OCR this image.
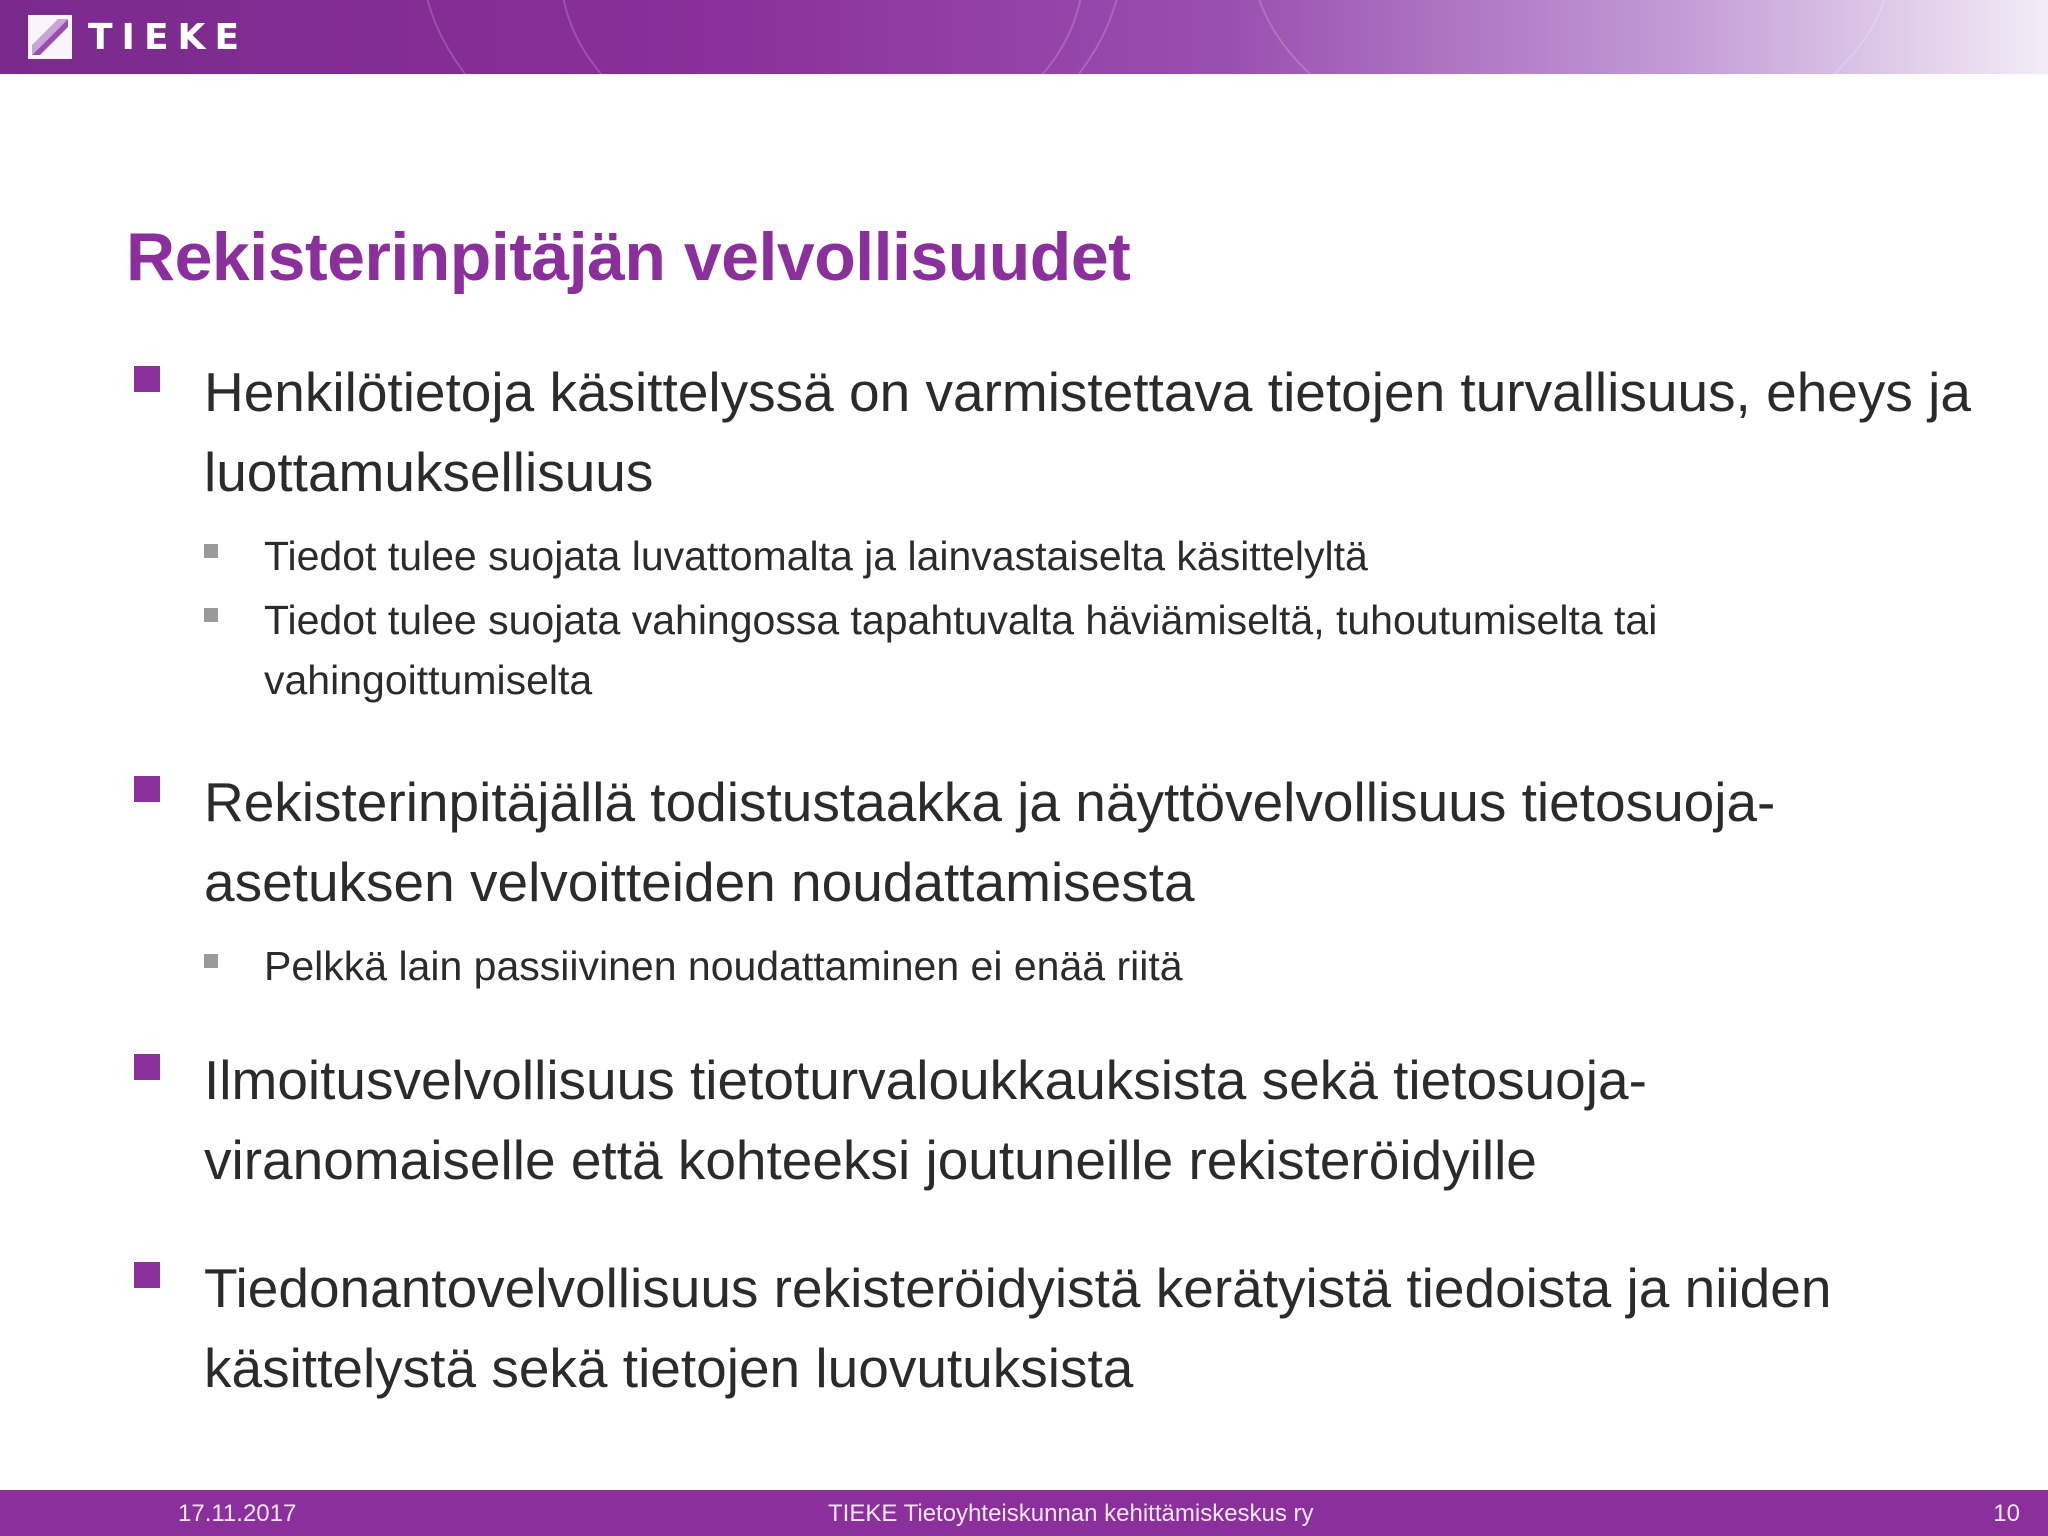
TIEKE
Rekisterinpitäjän velvollisuudet
Henkilötietoja käsittelyssä on varmistettava tietojen turvallisuus, eheys ja luottamuksellisuus
Tiedot tulee suojata luvattomalta ja lainvastaiselta käsittelyltä
Tiedot tulee suojata vahingossa tapahtuvalta häviämiseltä, tuhoutumiselta tai vahingoittumiselta
Rekisterinpitäjällä todistustaakka ja näyttövelvollisuus tietosuoja-asetuksen velvoitteiden noudattamisesta
Pelkkä lain passiivinen noudattaminen ei enää riitä
Ilmoitusvelvollisuus tietoturvaloukkauksista sekä tietosuoja-viranomaiselle että kohteeksi joutuneille rekisteröidyille
Tiedonantovelvollisuus rekisteröidyistä kerätyistä tiedoista ja niiden käsittelystä sekä tietojen luovutuksista
17.11.2017	TIEKE Tietoyhteiskunnan kehittämiskeskus ry	10
